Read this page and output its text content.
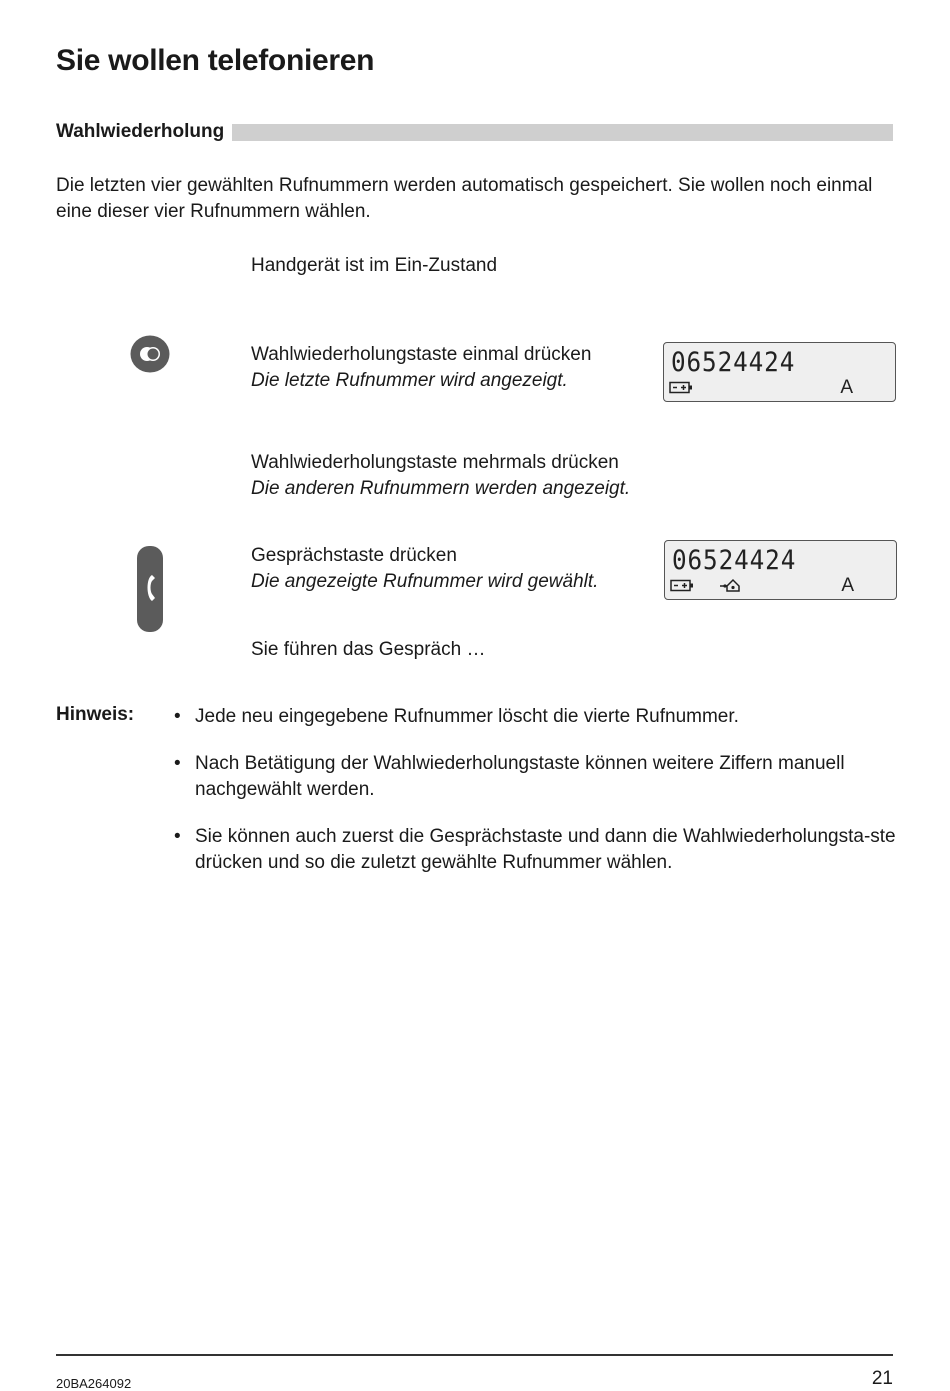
Sie wollen telefonieren
Wahlwiederholung
Die letzten vier gewählten Rufnummern werden automatisch gespeichert. Sie wollen noch einmal eine dieser vier Rufnummern wählen.
Handgerät ist im Ein-Zustand
Wahlwiederholungstaste einmal drücken
Die letzte Rufnummer wird angezeigt.
06524424
A
Wahlwiederholungstaste mehrmals drücken
Die anderen Rufnummern werden angezeigt.
Gesprächstaste drücken
Die angezeigte Rufnummer wird gewählt.
06524424
A
Sie führen das Gespräch …
Hinweis: • Jede neu eingegebene Rufnummer löscht die vierte Rufnummer.
• Nach Betätigung der Wahlwiederholungstaste können weitere Ziffern manuell nachgewählt werden.
• Sie können auch zuerst die Gesprächstaste und dann die Wahlwiederholungsta-ste drücken und so die zuletzt gewählte Rufnummer wählen.
20BA264092	21
